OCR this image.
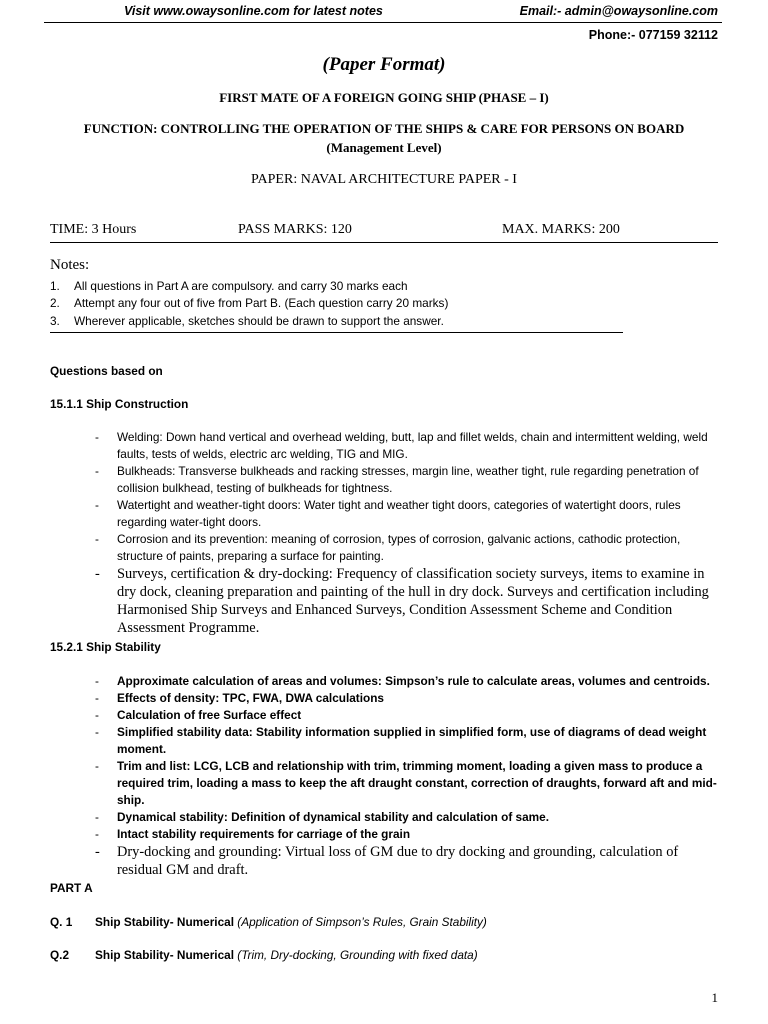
Visit www.owaysonline.com for latest notes	Email:- admin@owaysonline.com
Phone:- 077159 32112
(Paper Format)
FIRST MATE OF A FOREIGN GOING SHIP (PHASE – I)
FUNCTION: CONTROLLING THE OPERATION OF THE SHIPS & CARE FOR PERSONS ON BOARD
(Management Level)
PAPER: NAVAL ARCHITECTURE PAPER - I
TIME: 3 Hours	PASS MARKS: 120	MAX. MARKS: 200
Notes:
1. All questions in Part A are compulsory. and carry 30 marks each
2. Attempt any four out of five from Part B. (Each question carry 20 marks)
3. Wherever applicable, sketches should be drawn to support the answer.
Questions based on
15.1.1 Ship Construction
- Welding: Down hand vertical and overhead welding, butt, lap and fillet welds, chain and intermittent welding, weld faults, tests of welds, electric arc welding, TIG and MIG.
- Bulkheads: Transverse bulkheads and racking stresses, margin line, weather tight, rule regarding penetration of collision bulkhead, testing of bulkheads for tightness.
- Watertight and weather-tight doors: Water tight and weather tight doors, categories of watertight doors, rules regarding water-tight doors.
- Corrosion and its prevention: meaning of corrosion, types of corrosion, galvanic actions, cathodic protection, structure of paints, preparing a surface for painting.
- Surveys, certification & dry-docking: Frequency of classification society surveys, items to examine in dry dock, cleaning preparation and painting of the hull in dry dock. Surveys and certification including Harmonised Ship Surveys and Enhanced Surveys, Condition Assessment Scheme and Condition Assessment Programme.
15.2.1 Ship Stability
- Approximate calculation of areas and volumes: Simpson’s rule to calculate areas, volumes and centroids.
- Effects of density: TPC, FWA, DWA calculations
- Calculation of free Surface effect
- Simplified stability data: Stability information supplied in simplified form, use of diagrams of dead weight moment.
- Trim and list: LCG, LCB and relationship with trim, trimming moment, loading a given mass to produce a required trim, loading a mass to keep the aft draught constant, correction of draughts, forward aft and mid-ship.
- Dynamical stability: Definition of dynamical stability and calculation of same.
- Intact stability requirements for carriage of the grain
- Dry-docking and grounding: Virtual loss of GM due to dry docking and grounding, calculation of residual GM and draft.
PART A
Q. 1 Ship Stability- Numerical (Application of Simpson’s Rules, Grain Stability)
Q.2 Ship Stability- Numerical (Trim, Dry-docking, Grounding with fixed data)
1
